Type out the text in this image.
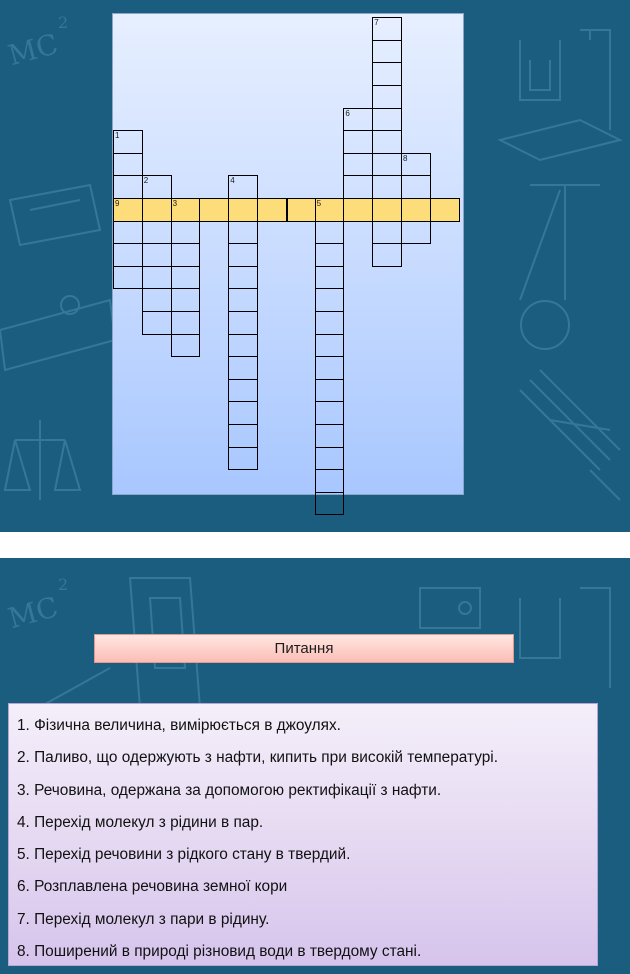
MC
2
1
2
3
4
5
6
7
8
9
MC
2
Питання
1. Фізична величина, вимірюється в джоулях.
2. Паливо, що одержують з нафти, кипить при високій температурі.
3. Речовина, одержана за допомогою ректифікації з нафти.
4. Перехід молекул з рідини в пар.
5. Перехід речовини з рідкого стану в твердий.
6. Розплавлена речовина земної кори
7. Перехід молекул з пари в рідину.
8. Поширений в природі різновид води в твердому стані.
